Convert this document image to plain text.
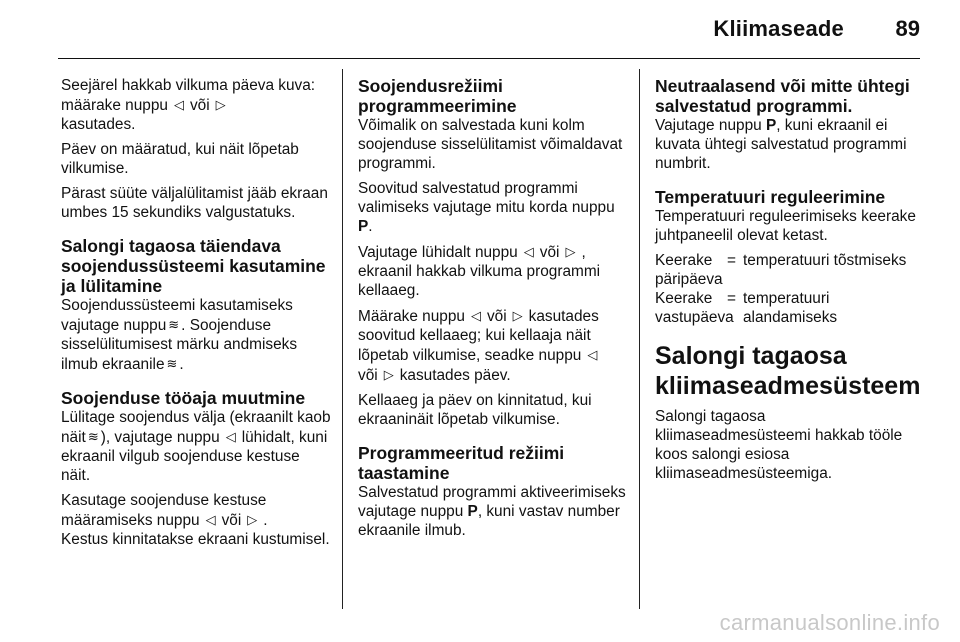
Kliimaseade 89

Seejärel hakkab vilkuma päeva kuva: määrake nuppu ◁ või ▷
kasutades.

Päev on määratud, kui näit lõpetab vilkumise.

Pärast süüte väljalülitamist jääb ekraan umbes 15 sekundiks valgustatuks.

Salongi tagaosa täiendava soojendussüsteemi kasutamine ja lülitamine

Soojendussüsteemi kasutamiseks vajutage nuppu ≋ . Soojenduse sisselülitumisest märku andmiseks ilmub ekraanile ≋ .

Soojenduse tööaja muutmine

Lülitage soojendus välja (ekraanilt kaob näit ≋ ), vajutage nuppu ◁ lühidalt, kuni ekraanil vilgub soojenduse kestuse näit.

Kasutage soojenduse kestuse määramiseks nuppu ◁ või ▷ .
Kestus kinnitatakse ekraani kustumisel.

Soojendusrežiimi programmeerimine

Võimalik on salvestada kuni kolm soojenduse sisselülitamist võimaldavat programmi.

Soovitud salvestatud programmi valimiseks vajutage mitu korda nuppu P.

Vajutage lühidalt nuppu ◁ või ▷ , ekraanil hakkab vilkuma programmi kellaaeg.

Määrake nuppu ◁ või ▷ kasutades soovitud kellaaeg; kui kellaaja näit lõpetab vilkumise, seadke nuppu ◁
või ▷ kasutades päev.

Kellaaeg ja päev on kinnitatud, kui ekraaninäit lõpetab vilkumise.

Programmeeritud režiimi taastamine

Salvestatud programmi aktiveerimiseks vajutage nuppu P, kuni vastav number ekraanile ilmub.

Neutraalasend või mitte ühtegi salvestatud programmi.

Vajutage nuppu P, kuni ekraanil ei kuvata ühtegi salvestatud programmi numbrit.

Temperatuuri reguleerimine

Temperatuuri reguleerimiseks keerake juhtpaneelil olevat ketast.

Keerake päripäeva
= temperatuuri tõstmiseks
Keerake vastupäeva
= temperatuuri alandamiseks
Salongi tagaosa kliimaseadmesüsteem

Salongi tagaosa kliimaseadmesüsteemi hakkab tööle koos salongi esiosa kliimaseadmesüsteemiga.

carmanualsonline.info
